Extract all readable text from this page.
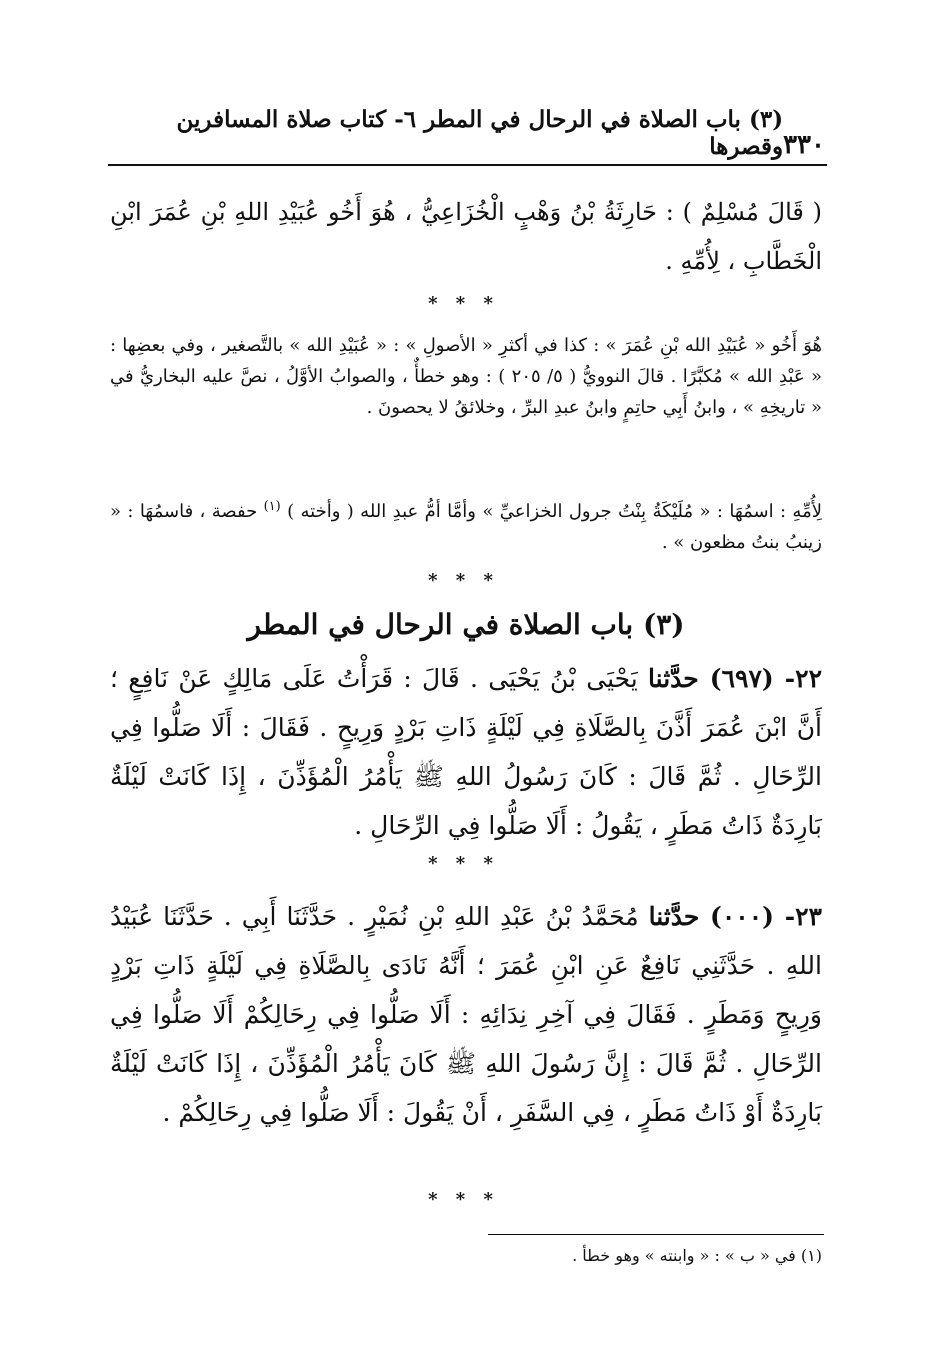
٣٣٠
(٣) باب الصلاة في الرحال في المطر ٦- كتاب صلاة المسافرين وقصرها
( قَالَ مُسْلِمٌ ) : حَارِثَةُ بْنُ وَهْبٍ الْخُزَاعِيُّ ، هُوَ أَخُو عُبَيْدِ اللهِ بْنِ عُمَرَ ابْنِ الْخَطَّابِ ، لِأُمِّهِ .
* * *
هُوَ أَخُو « عُبَيْدِ الله بْنِ عُمَرَ » : كذا في أكثرِ « الأصولِ » : « عُبَيْدِ الله » بالتَّصغير ، وفي بعضِها : « عَبْدِ الله » مُكبَّرًا . قالَ النوويُّ ( ٥/ ٢٠٥ ) : وهو خطأٌ ، والصوابُ الأوَّلُ ، نصَّ عليه البخاريُّ في « تاريخِهِ » ، وابنُ أَبِي حاتِمٍ وابنُ عبدِ البرِّ ، وخلائقُ لا يحصونَ .
لِأُمِّهِ : اسمُهَا : « مُلَيْكَةُ بِنْتُ جرول الخزاعيِّ » وأمَّا أمُّ عبدِ الله ( وأخته ) $^{(١)}$ حفصة ، فاسمُهَا : « زينبُ بنتُ مظعون » .
* * *
(٣) باب الصلاة في الرحال في المطر
٢٢- (٦٩٧) حدَّثنا يَحْيَى بْنُ يَحْيَى . قَالَ : قَرَأْتُ عَلَى مَالِكٍ عَنْ نَافِعٍ ؛ أَنَّ ابْنَ عُمَرَ أَذَّنَ بِالصَّلَاةِ فِي لَيْلَةٍ ذَاتِ بَرْدٍ وَرِيحٍ . فَقَالَ : أَلَا صَلُّوا فِي الرِّحَالِ . ثُمَّ قَالَ : كَانَ رَسُولُ اللهِ ﷺ يَأْمُرُ الْمُؤَذِّنَ ، إِذَا كَانَتْ لَيْلَةٌ بَارِدَةٌ ذَاتُ مَطَرٍ ، يَقُولُ : أَلَا صَلُّوا فِي الرِّحَالِ .
* * *
٢٣- (٠٠٠) حدَّثنا مُحَمَّدُ بْنُ عَبْدِ اللهِ بْنِ نُمَيْرٍ . حَدَّثَنَا أَبِي . حَدَّثَنَا عُبَيْدُ اللهِ . حَدَّثَنِي نَافِعٌ عَنِ ابْنِ عُمَرَ ؛ أَنَّهُ نَادَى بِالصَّلَاةِ فِي لَيْلَةٍ ذَاتِ بَرْدٍ وَرِيحٍ وَمَطَرٍ . فَقَالَ فِي آخِرِ نِدَائِهِ : أَلَا صَلُّوا فِي رِحَالِكُمْ أَلَا صَلُّوا فِي الرِّحَالِ . ثُمَّ قَالَ : إِنَّ رَسُولَ اللهِ ﷺ كَانَ يَأْمُرُ الْمُؤَذِّنَ ، إِذَا كَانَتْ لَيْلَةٌ بَارِدَةٌ أَوْ ذَاتُ مَطَرٍ ، فِي السَّفَرِ ، أَنْ يَقُولَ : أَلَا صَلُّوا فِي رِحَالِكُمْ .
* * *
(١) في « ب » : « وابنته » وهو خطأ .
